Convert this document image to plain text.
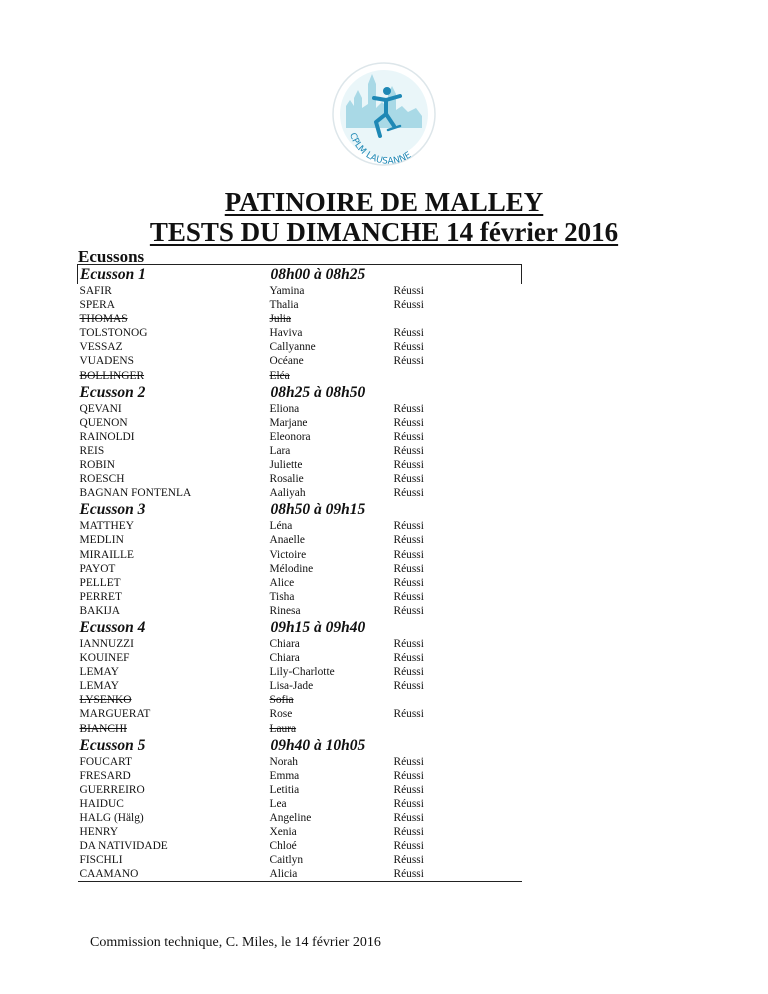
CPLM LAUSANNE
PATINOIRE DE MALLEY
TESTS DU DIMANCHE 14 février 2016
Ecussons
Ecusson 1	08h00 à 08h25	
SAFIR	Yamina	Réussi
SPERA	Thalia	Réussi
THOMAS	Julia	
TOLSTONOG	Haviva	Réussi
VESSAZ	Callyanne	Réussi
VUADENS	Océane	Réussi
BOLLINGER	Eléa	
Ecusson 2	08h25 à 08h50	
QEVANI	Eliona	Réussi
QUENON	Marjane	Réussi
RAINOLDI	Eleonora	Réussi
REIS	Lara	Réussi
ROBIN	Juliette	Réussi
ROESCH	Rosalie	Réussi
BAGNAN FONTENLA	Aaliyah	Réussi
Ecusson 3	08h50 à 09h15	
MATTHEY	Léna	Réussi
MEDLIN	Anaelle	Réussi
MIRAILLE	Victoire	Réussi
PAYOT	Mélodine	Réussi
PELLET	Alice	Réussi
PERRET	Tisha	Réussi
BAKIJA	Rinesa	Réussi
Ecusson 4	09h15 à 09h40	
IANNUZZI	Chiara	Réussi
KOUINEF	Chiara	Réussi
LEMAY	Lily-Charlotte	Réussi
LEMAY	Lisa-Jade	Réussi
LYSENKO	Sofia	
MARGUERAT	Rose	Réussi
BIANCHI	Laura	
Ecusson 5	09h40 à 10h05	
FOUCART	Norah	Réussi
FRESARD	Emma	Réussi
GUERREIRO	Letitia	Réussi
HAIDUC	Lea	Réussi
HALG (Hälg)	Angeline	Réussi
HENRY	Xenia	Réussi
DA NATIVIDADE	Chloé	Réussi
FISCHLI	Caitlyn	Réussi
CAAMANO	Alicia	Réussi
Commission technique, C. Miles, le 14 février 2016
